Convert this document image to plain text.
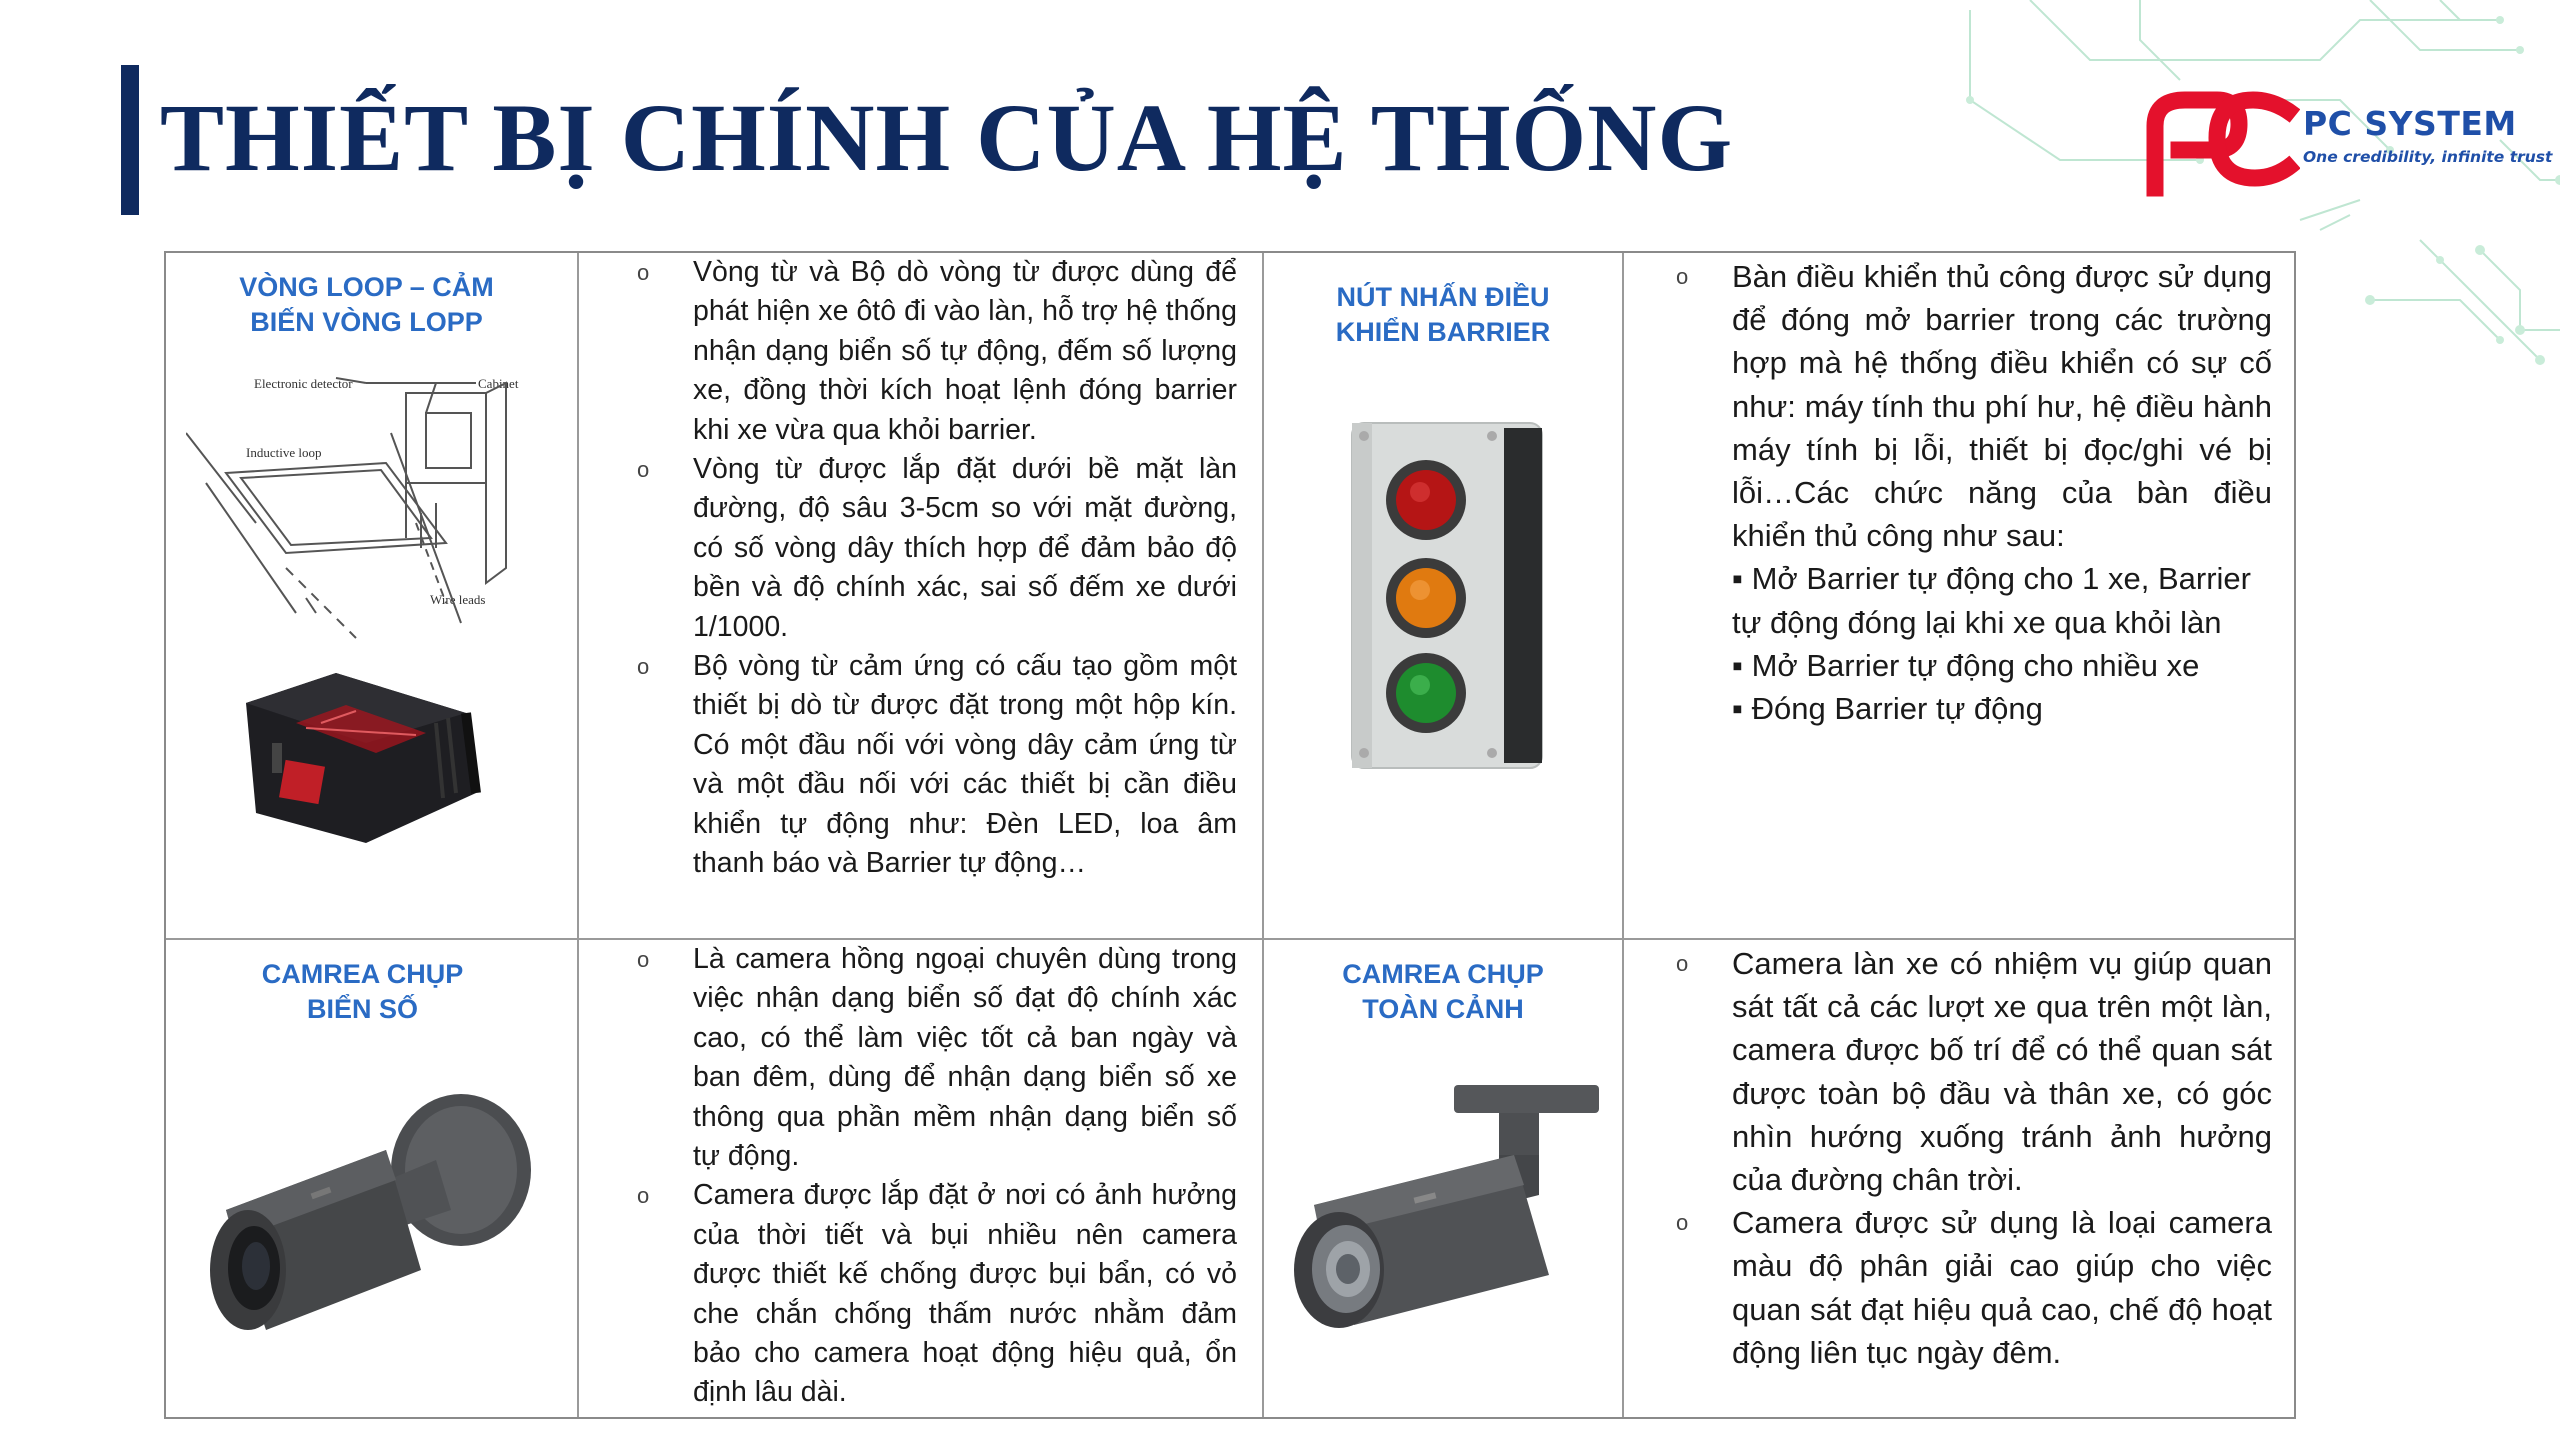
THIẾT BỊ CHÍNH CỦA HỆ THỐNG	PC SYSTEM
One credibility, infinite trust
VÒNG LOOP – CẢM
BIẾN VÒNG LOPP
Electronic detector	Cabinet
Inductive loop
Wire leads
o Vòng từ và Bộ dò vòng từ được dùng để phát hiện xe ôtô đi vào làn, hỗ trợ hệ thống nhận dạng biển số tự động, đếm số lượng xe, đồng thời kích hoạt lệnh đóng barrier khi xe vừa qua khỏi barrier.
o Vòng từ được lắp đặt dưới bề mặt làn đường, độ sâu 3-5cm so với mặt đường, có số vòng dây thích hợp để đảm bảo độ bền và độ chính xác, sai số đếm xe dưới 1/1000.
o Bộ vòng từ cảm ứng có cấu tạo gồm một thiết bị dò từ được đặt trong một hộp kín. Có một đầu nối với vòng dây cảm ứng từ và một đầu nối với các thiết bị cần điều khiển tự động như: Đèn LED, loa âm thanh báo và Barrier tự động…
NÚT NHẤN ĐIỀU
KHIỂN BARRIER
o Bàn điều khiển thủ công được sử dụng để đóng mở barrier trong các trường hợp mà hệ thống điều khiển có sự cố như: máy tính thu phí hư, hệ điều hành máy tính bị lỗi, thiết bị đọc/ghi vé bị lỗi…Các chức năng của bàn điều khiển thủ công như sau:
▪ Mở Barrier tự động cho 1 xe, Barrier tự động đóng lại khi xe qua khỏi làn
▪ Mở Barrier tự động cho nhiều xe
▪ Đóng Barrier tự động
CAMREA CHỤP
BIỂN SỐ
o Là camera hồng ngoại chuyên dùng trong việc nhận dạng biển số đạt độ chính xác cao, có thể làm việc tốt cả ban ngày và ban đêm, dùng để nhận dạng biển số xe thông qua phần mềm nhận dạng biển số tự động.
o Camera được lắp đặt ở nơi có ảnh hưởng của thời tiết và bụi nhiều nên camera được thiết kế chống được bụi bẩn, có vỏ che chắn chống thấm nước nhằm đảm bảo cho camera hoạt động hiệu quả, ổn định lâu dài.
CAMREA CHỤP
TOÀN CẢNH
o Camera làn xe có nhiệm vụ giúp quan sát tất cả các lượt xe qua trên một làn, camera được bố trí để có thể quan sát được toàn bộ đầu và thân xe, có góc nhìn hướng xuống tránh ảnh hưởng của đường chân trời.
o Camera được sử dụng là loại camera màu độ phân giải cao giúp cho việc quan sát đạt hiệu quả cao, chế độ hoạt động liên tục ngày đêm.
